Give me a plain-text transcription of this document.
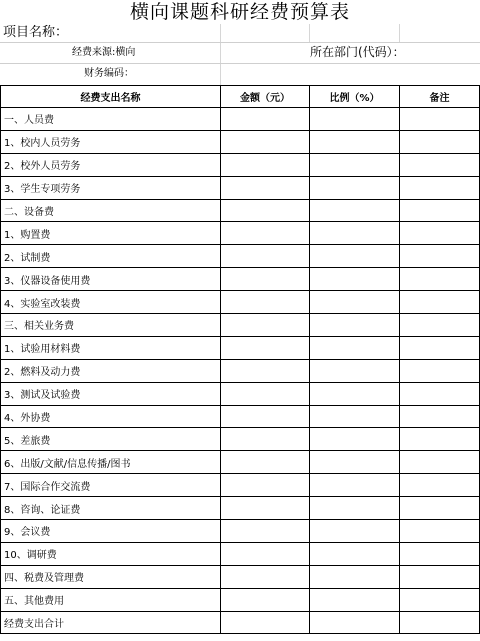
横向课题科研经费预算表
项目名称：
经费来源:横向	所在部门(代码）：
财务编码：
经费支出名称	金额（元）	比例（%）	备注
一、人员费			
1、校内人员劳务			
2、校外人员劳务			
3、学生专项劳务			
二、设备费			
1、购置费			
2、试制费			
3、仪器设备使用费			
4、实验室改装费			
三、相关业务费			
1、试验用材料费			
2、燃料及动力费			
3、测试及试验费			
4、外协费			
5、差旅费			
6、出版/文献/信息传播/图书			
7、国际合作交流费			
8、咨询、论证费			
9、会议费			
10、调研费			
四、税费及管理费			
五、其他费用			
经费支出合计			
